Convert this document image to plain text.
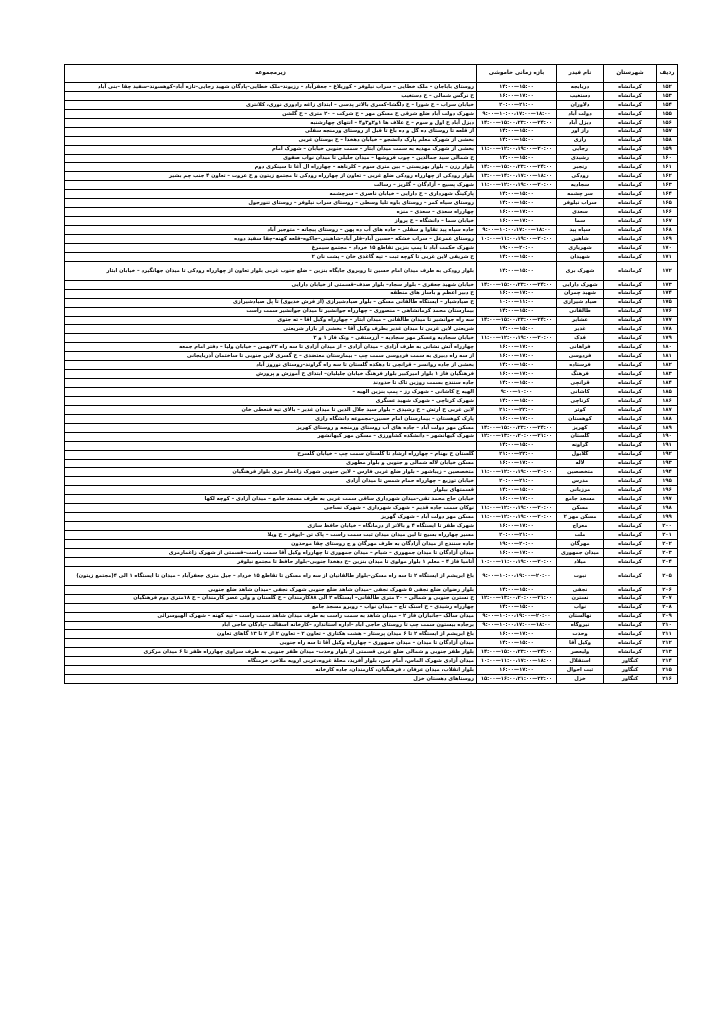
ردیف	شهرستان	نام فیدر	بازه زمانی خاموشی	زیرمجموعه
۱۵۲	کرمانشاه	دربابجه	۱۴:۰۰—۱۵:۰۰	روستای باباجان – ملک خطایی – سراب نیلوفر – کوریلاغ – جعفرآباد – رزیوند–ملک خطایی–پادگان شهید رجایی–تازه آباد–کوهسوند–سفید چقا –بنی آباد
۱۵۳	کرمانشاه	دستغیب	۱۶:۰۰—۱۷:۰۰	خ نرگس شمالی – خ دستغیب
۱۵۴	کرمانشاه	دلاوران	۲۰:۰۰—۲۱:۰۰	خیابان سراب – خ شورا – خ دلگشا–کسری بالاتر پدسی – ابتدای زاغه رادوری نوری، کلانتری
۱۵۵	کرمانشاه	دولت آباد	۹:۰۰—۱۰:۰۰،۱۷:۰۰—۱۸:۰۰	شهرک دولت آباد ضلع شرقی خ مسکن مهر – خ شرکت – ۲۰ متری – خ گلشن
۱۵۶	کرمانشاه	دیزل آباد	۱۴:۰۰—۱۵:۰۰،۲۳:۰۰—۲۴:۰۰	دیزل آباد خ اول و سوم – خ علاف ها ۱و۲و۳و۴ – انتهای چهارشنبه
۱۵۷	کرمانشاه	راز آور	۱۴:۰۰—۱۵:۰۰	از قلعه تا روستای ده گل و ده باغ تا قبل از روستای ورمنجه سفلی
۱۵۸	کرمانشاه	رازی	۱۴:۰۰—۱۵:۰۰	بخشی از شهرک معلم پارک دانشجو – خیابان دهخدا – خ بوستان غربی
۱۵۹	کرمانشاه	رجایی	۱۱:۰۰—۱۲:۰۰،۱۹:۰۰—۲۰:۰۰	بخشی از شهرک مهدیه به سمت میدان ابثار – سمت جنوبی خیابان – شهرک امام
۱۶۰	کرمانشاه	رشیدی	۱۴:۰۰—۱۵:۰۰	خ شمالی سید جمالدین – چوب فروشها – میدان جلیلی تا میدان نواب صفوی
۱۶۱	کرمانشاه	رنجبر	۱۴:۰۰—۱۵:۰۰،۲۳:۰۰—۲۴:۰۰	بلوار رزن – بلوار بهزیستی – بین متری سوم – کلرناهه – چهارراه ال آغا تا سینکری دوم
۱۶۲	کرمانشاه	رودکی	۱۳:۰۰—۱۴:۰۰،۱۷:۰۰—۱۸:۰۰	بلوار رودکی از چهارراه رودکی ضلع غربی – تعاون از چهارراه رودکی تا مجتمع زیتون و خ عروت – تعاون ۴ جنب چم بشیر
۱۶۳	کرمانشاه	سجادیه	۱۱:۰۰—۱۲:۰۰،۱۹:۰۰—۲۰:۰۰	شهرک پسیج – آزادگان – گلریز – رسالت
۱۶۴	کرمانشاه	سر چشمه	۱۴:۰۰—۱۵:۰۰	پارکینگ شهرداری – خ دارایی – خیابان ناصری – سرچشمه
۱۶۵	کرمانشاه	سراب نیلوفر	۱۴:۰۰—۱۵:۰۰	روستای سیاه کمر – روستای باوه تلیا وسطی – روستای سراب نیلوفر – روستای تنورجول
۱۶۶	کرمانشاه	سعدی	۱۶:۰۰—۱۷:۰۰	چهارراه سعدی – سعدی – منزه
۱۶۷	کرمانشاه	سما	۱۶:۰۰—۱۷:۰۰	خیابان سما – دانشگاه – خ پرواز
۱۶۸	کرمانشاه	سپاه پید	۹:۰۰—۱۰:۰۰،۱۷:۰۰—۱۸:۰۰	جاده سپاه پید تقاوا و سقلی – جاده های آب ده پهن – روستای پیچانه – متوجیر آباد
۱۶۹	کرمانشاه	شاهین	۱۰:۰۰—۱۱:۰۰،۱۹:۰۰—۲۰:۰۰	روستای عمرعل – سراب خشکه –حسین آباد–قلر آباد–شاهینی–جاکوه–قلعه کهنه–چقا سفید دوده
۱۷۰	کرمانشاه	شهریاری	۱۹:۰۰—۲۰:۰۰	شهرک حکمت آباد تا پمپ بنزین تقاطع ۱۵ خرداد – مجتمع سیمرغ
۱۷۱	کرمانشاه	شهیدان	۱۴:۰۰—۱۵:۰۰	خ شریفی لاین غربی تا کوچه ثبت – تپه گاغذی خان – پشت نان ۲
۱۷۲	کرمانشاه	شهرک بری	۱۴:۰۰—۱۵:۰۰	بلوار رودکی به طرف میدان امام حسین تا روبروی جایگاه بنزین – ضلع جنوب غربی بلوار تعاون از چهارراه رودکی تا میدان جهانگیرد – خیابان ابثار
۱۷۳	کرمانشاه	شهرک دارایی	۱۴:۰۰—۱۵:۰۰،۲۳:۰۰—۲۴:۰۰	خیابان شهید جعفری – بلوار سجاد– بلوار صدف–قسمتی از خیابان دارایی
۱۷۴	کرمانشاه	شهید چمران	۱۶:۰۰—۱۷:۰۰	خ دبیر اعظم و باساز های منطقه
۱۷۵	کرمانشاه	صیاد شیرازی	۱۰:۰۰—۱۱:۰۰	خ صیادشیار – ایستگاه طالقانی مسکن – بلوار صیادشیرازی (از فرش خدیوی) تا پل صیادشیرازی
۱۷۶	کرمانشاه	طالقانی	۱۴:۰۰—۱۵:۰۰	بیمارستان محمد کرمانشاهی – منصوری – چهارراه جوانشیر تا میدان جوانشیر سمت راست
۱۷۷	کرمانشاه	عشایر	۱۴:۰۰—۱۵:۰۰،۲۳:۰۰—۲۴:۰۰	سه راه جوانشیر تا میدان طالقانی – میدان ابثار – چهارراه وکیل آقا – ته جتوی
۱۷۸	کرمانشاه	غدیر	۱۴:۰۰—۱۵:۰۰	شریعتی لاین غربی تا میدان غدیر بطرف وکیل آقا – بخشی از بازار شریعتی
۱۷۹	کرمانشاه	فدک	۱۱:۰۰—۱۲:۰۰،۱۹:۰۰—۲۰:۰۰	خیابان سجادیه وعسکر مهر سجادیه – آزرستفی – ونک فاز ۱ و ۲
۱۸۰	کرمانشاه	فراهانی	۱۶:۰۰—۱۷:۰۰	چهارراه آتش نشانی به طرف آزادی – میدان آزادی – از میدان آزادی تا سه راه ۲۲بهمن – خیابان ولیا – دفتر امام جمعه
۱۸۱	کرمانشاه	فردوسی	۱۶:۰۰—۱۷:۰۰	از سه راه دبیری به سمت فردوسی سمت چپ – بیمارستان معتضدی – خ گسری لاین جنوبی تا ساختمان آذربایجانی
۱۸۲	کرمانشاه	فرستاده	۱۴:۰۰—۱۵:۰۰	بخشی از جاده روانسر – قرانچی تا دهکده گلستان تا سه راه گراوند–روستای نوروز آباد
۱۸۳	کرمانشاه	فرهنگ	۱۶:۰۰—۱۷:۰۰	فرهنگیان فاز ۱ بلوار امیرکبیر بلوار فرهنگ خیابان جلیلیان– ابتدای خ آموزش و پرورش
۱۸۴	کرمانشاه	قرانچی	۱۴:۰۰—۱۵:۰۰	جاده سنندج بسمت روزین تاک تا حدودند
۱۸۵	کرمانشاه	کاشانی	۹:۰۰—۱۰:۰۰	الهیه خ کاشانی – شهرک رز – پمپ بنزین الهیه –
۱۸۶	کرمانشاه	کرناچی	۱۴:۰۰—۱۵:۰۰	شهرک کرناچی – شهرک شهید عسگری
۱۸۷	کرمانشاه	کوثر	۲۱:۰۰—۲۲:۰۰	لاین غربی خ ارتش – خ رشیدی – بلوار سید جلال الدین تا میدان غدیر – بالای تپه قنعطی خان
۱۸۸	کرمانشاه	کوهستان	۱۶:۰۰—۱۷:۰۰	پارک کوهستان – بیمارستان امام حسین–مجموعه دانشگاه رازی
۱۸۹	کرمانشاه	کهریز	۱۴:۰۰—۱۵:۰۰،۲۳:۰۰—۲۴:۰۰	مسکن مهر دولت آباد – جاده های آب روستای ورمنجه و روستای کهریز
۱۹۰	کرمانشاه	گلستان	۱۲:۰۰—۱۳:۰۰،۲۰:۰۰—۲۱:۰۰	شهرک کیهانشهر – دانشکده کشاورزی – مسکن مهر کیهانشهر
۱۹۱	کرمانشاه	گراونه	۱۴:۰۰—۱۵:۰۰	
۱۹۲	کرمانشاه	گلابول	۲۱:۰۰—۲۲:۰۰	گلستان خ بهنام – چهارراه ارشاد تا گلستان سمت چپ – خیابان گلسرخ
۱۹۳	کرمانشاه	لاله	۱۶:۰۰—۱۷:۰۰	مسکن خیابان لاله شمالی و جنوبی و بلوار مطهری
۱۹۴	کرمانشاه	متخصصین	۱۱:۰۰—۱۲:۰۰،۱۹:۰۰—۲۰:۰۰	متخصصین – زیباشهر – بلوار ضلع غربی فارس – لاین جنوبی شهرک زاغمار مری بلوار فرهنگیان
۱۹۵	کرمانشاه	مدرس	۲۰:۰۰—۲۱:۰۰	خیابان توزیع – چهارراه حمام شمس تا میدان آزادی
۱۹۶	کرمانشاه	مرزبانی	۱۴:۰۰—۱۵:۰۰	قسمتهای بیلوار
۱۹۷	کرمانشاه	مسجد جامع	۱۶:۰۰—۱۷:۰۰	خیابان حاج محمد تقی–میدان شهرداری ساقی سمت غربی به طرف مسجد جامع – میدان آزادی – کوچه لکها
۱۹۸	کرمانشاه	مسکن	۱۱:۰۰—۱۲:۰۰،۱۹:۰۰—۲۰:۰۰	نوکان سمت جاده قدیم – شهرک شهرداری – شهرک نساجی
۱۹۹	کرمانشاه	مسکن مهر ۲	۱۱:۰۰—۱۲:۰۰،۱۹:۰۰—۲۰:۰۰	مسکن مهر دولت آباد – شهرک گهریز
۲۰۰	کرمانشاه	معراج	۱۶:۰۰—۱۷:۰۰	شهرک ظفر تا ایستگاه ۴ و بالاتر از درمانگاه – خیابان حافظ سازی
۲۰۱	کرمانشاه	ملت	۲۰:۰۰—۲۱:۰۰	مسیر چهارراه بسیج تا لین میدان میدان ثبت سمت راست – پاک تن –ایوفر – خ ویلا
۲۰۲	کرمانشاه	مهرگان	۱۹:۰۰—۲۰:۰۰	جاده سنندج از میدان آزادگان به طرف مهرگان و ج روستای چقا موحدون
۲۰۳	کرمانشاه	میدان جمهوری	۱۶:۰۰—۱۷:۰۰	میدان آزادگان تا میدان جمهوری – شیام – میدان جمهوری تا چهارراه وکیل آقا سمت راست–قسمتی از شهرک زاغمارمری
۲۰۴	کرمانشاه	میلاد	۱۰:۰۰—۱۱:۰۰،۱۹:۰۰—۲۰:۰۰	آتامیا فاز ۴ – معلم ۱ بلوار مولوی تا میدان بنزین –خ دهخدا جنوبی–بلوار حافظ تا مجتمع نیلوفر
۲۰۵	کرمانشاه	نبوت	۹:۰۰—۱۰:۰۰،۱۹:۰۰—۲۰:۰۰	باغ ابریشم از ایستگاه ۲ تا سه راه مسکن–بلوار طالقانیان از سه راه مسکن تا تقاطع ۱۵ خرداد – جیل متری جعفرآباد – میدان تا ایستگاه ۱ الی ۴(مجتمع زیتون)
۲۰۶	کرمانشاه	نجفی	۱۴:۰۰—۱۵:۰۰	بلوار رضوان ضلع نجفی ۵ شهرک نجفی –میدان شاهد ضلع جنوبی شهرک نجفی –میدان شاهد ضلع جنوبی
۲۰۷	کرمانشاه	نسترن	۱۲:۰۰—۱۳:۰۰،۲۰:۰۰—۲۱:۰۰	خ نسترن جنوبی و شمالی – ۲۰ متری طالقانی– ایستگاه ۲ الی ۸۸کارمندان – خ گلستان و ولی عصر کارمندان – خ ۱۸متری دوم فرهنگیان
۲۰۸	کرمانشاه	نواب	۱۴:۰۰—۱۵:۰۰	چهارراه رشیدی – خ اسنک تاج – میدان نواب – روبرو مسجد جامع
۲۰۹	کرمانشاه	نهالستان	۹:۰۰—۱۰:۰۰،۱۹:۰۰—۲۰:۰۰	میدان سالک –جانبازان فاز ۲ – میدان شاهد به سمت راست به طرف میدان شاهد سمت راست – تپه کهنه – شهرک الهیوسرائی
۲۱۰	کرمانشاه	نیروگاه	۹:۰۰—۱۰:۰۰،۱۷:۰۰—۱۸:۰۰	برجاده بیستون سمت چپ تا روستای حاجی آباد –اداره استاندارد –کارخانه آسفالت –پادگان حاجی آباد
۲۱۱	کرمانشاه	وحدت	۱۶:۰۰—۱۷:۰۰	باغ ابریشم از ایستگاه ۲ تا ۶ میدان پرستار – هشت هکتاری – تعاون ۲ – تعاون ۲ از ۲ تا ۱۳ گاهای تعاون
۲۱۲	کرمانشاه	وکیل آقا	۱۴:۰۰—۱۵:۰۰	میدان آزادگان تا میدان – میدان جمهوری – چهارراه وکیل آقا تا سه راه جنوبی
۲۱۳	کرمانشاه	ولیعصر	۱۴:۰۰—۱۵:۰۰،۲۳:۰۰—۲۴:۰۰	بلوار ظفر جنوبی و شمالی ضلع غربی قسمتی از بلوار وحدت– میدان ظفر جنوبی به طرف سراوی چهارراه ظفر تا ۶ میدان مرکزی
۲۱۴	کنگاور	استقلال	۱۰:۰۰—۱۱:۰۰،۱۷:۰۰—۱۸:۰۰	میدان آزادی شهرک الماس، آمام سن، بلوار آفرید، محلۀ غروه،عربی ارویه ملاخر، خرمنگاه
۲۱۵	کنگاور	ثبت احوال	۱۶:۰۰—۱۷:۰۰	بلوار انقلاب، میدان عرفان ، فرهنگیان، کارمندان، جاده کارخانه
۲۱۶	کنگاور	خزل	۱۵:۰۰—۱۶:۰۰،۲۱:۰۰—۲۲:۰۰	روستاهای دهستان خزل
